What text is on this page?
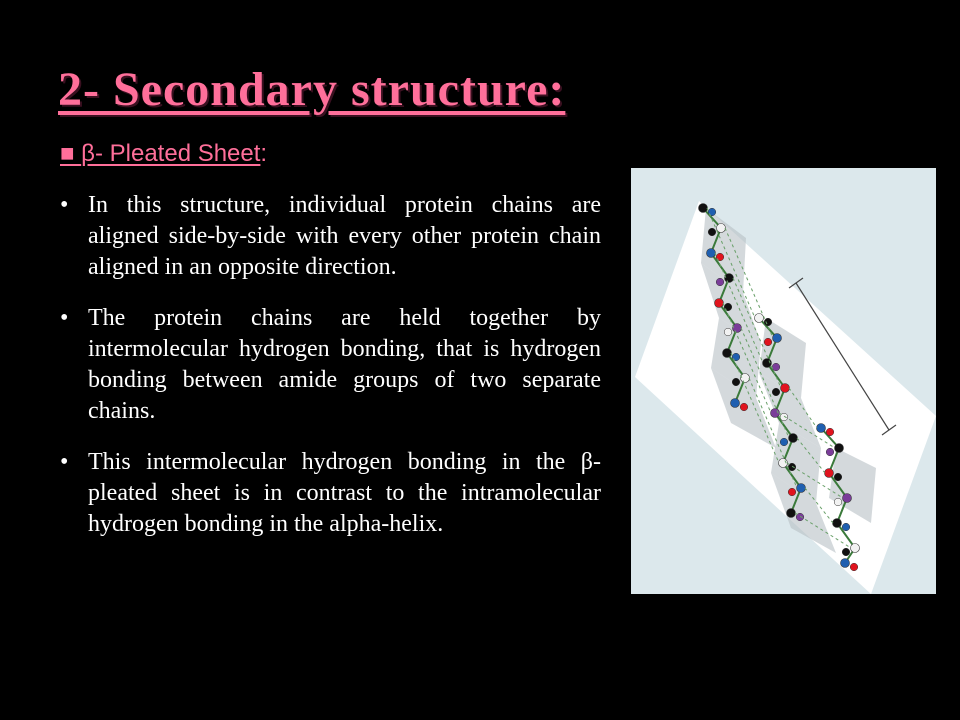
2- Secondary structure:
■ β- Pleated Sheet:
• In this structure, individual protein chains are aligned side-by-side with every other protein chain aligned in an opposite direction.
• The protein chains are held together by intermolecular hydrogen bonding, that is hydrogen bonding between amide groups of two separate chains.
• This intermolecular hydrogen bonding in the β-pleated sheet is in contrast to the intramolecular hydrogen bonding in the alpha-helix.
